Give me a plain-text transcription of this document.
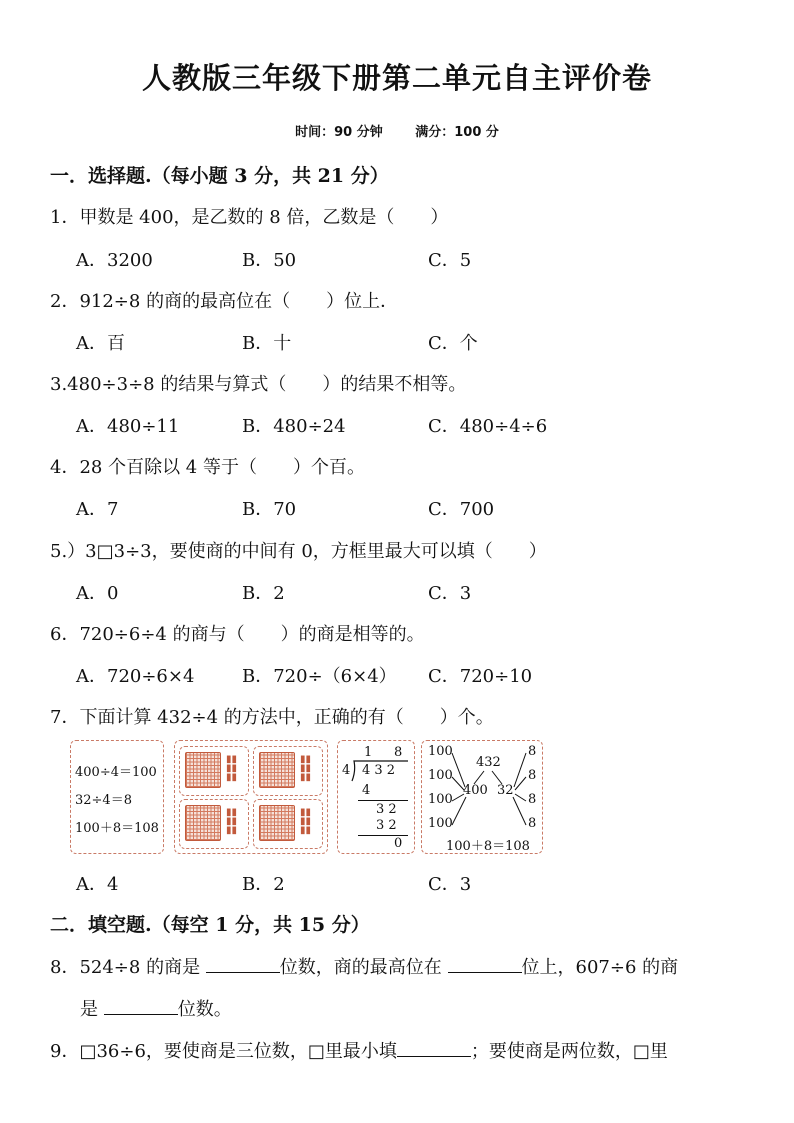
人教版三年级下册第二单元自主评价卷
时间：90 分钟	满分：100 分
一．选择题.（每小题 3 分，共 21 分）
1．甲数是 400，是乙数的 8 倍，乙数是（　　）
A．3200	B．50	C．5
2．912÷8 的商的最高位在（　　）位上．
A．百	B．十	C．个
3.480÷3÷8 的结果与算式（　　）的结果不相等。
A．480÷11	B．480÷24	C．480÷4÷6
4．28 个百除以 4 等于（　　）个百。
A．7	B．70	C．700
5.）3□3÷3，要使商的中间有 0，方框里最大可以填（　　）
A．0	B．2	C．3
6．720÷6÷4 的商与（　　）的商是相等的。
A．720÷6×4	B．720÷（6×4） C．720÷10
7．下面计算 432÷4 的方法中，正确的有（　　）个。
400÷4＝100
32÷4＝8
100＋8＝108
▮▮
▮▮
▮▮
▮▮
▮▮
▮▮
▮▮
▮▮
▮▮
▮▮
▮▮
▮▮
1 8
4 4 3 2
4
3 2
3 2
0
100
100
100
100
432
400 32
8
8
8
8
100＋8＝108
A．4	B．2	C．3
二．填空题.（每空 1 分，共 15 分）
8．524÷8 的商是	位数，商的最高位在	位上，607÷6 的商
是	位数。
9．□36÷6，要使商是三位数，□里最小填	；要使商是两位数，□里
